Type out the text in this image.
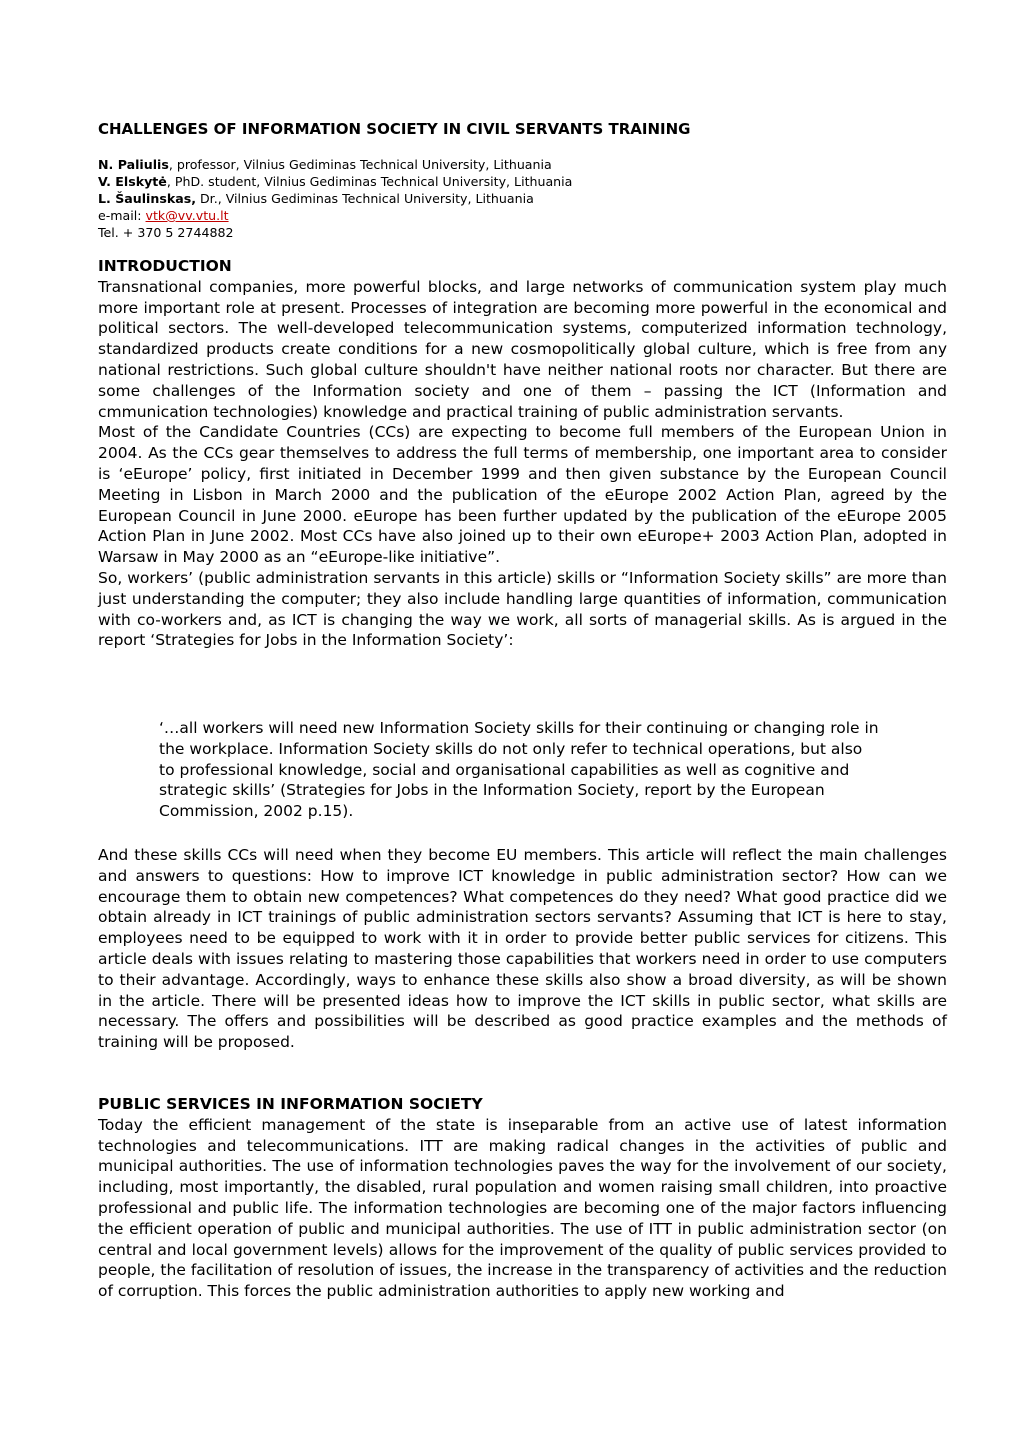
CHALLENGES OF INFORMATION SOCIETY IN CIVIL SERVANTS TRAINING
N. Paliulis, professor, Vilnius Gediminas Technical University, Lithuania
V. Elskytė, PhD. student, Vilnius Gediminas Technical University, Lithuania
L. Šaulinskas, Dr., Vilnius Gediminas Technical University, Lithuania
e-mail: vtk@vv.vtu.lt
Tel. + 370 5 2744882
INTRODUCTION

Transnational companies, more powerful blocks, and large networks of communication system play much more important role at present. Processes of integration are becoming more powerful in the economical and political sectors. The well-developed telecommunication systems, computerized information technology, standardized products create conditions for a new cosmopolitically global culture, which is free from any national restrictions. Such global culture shouldn't have neither national roots nor character. But there are some challenges of the Information society and one of them – passing the ICT (Information and cmmunication technologies) knowledge and practical training of public administration servants.

Most of the Candidate Countries (CCs) are expecting to become full members of the European Union in 2004. As the CCs gear themselves to address the full terms of membership, one important area to consider is ‘eEurope’ policy, first initiated in December 1999 and then given substance by the European Council Meeting in Lisbon in March 2000 and the publication of the eEurope 2002 Action Plan, agreed by the European Council in June 2000. eEurope has been further updated by the publication of the eEurope 2005 Action Plan in June 2002. Most CCs have also joined up to their own eEurope+ 2003 Action Plan, adopted in Warsaw in May 2000 as an “eEurope-like initiative”.

So, workers’ (public administration servants in this article) skills or “Information Society skills” are more than just understanding the computer; they also include handling large quantities of information, communication with co-workers and, as ICT is changing the way we work, all sorts of managerial skills. As is argued in the report ‘Strategies for Jobs in the Information Society’:

‘…all workers will need new Information Society skills for their continuing or changing role in the workplace. Information Society skills do not only refer to technical operations, but also to professional knowledge, social and organisational capabilities as well as cognitive and strategic skills’ (Strategies for Jobs in the Information Society, report by the European Commission, 2002 p.15).

And these skills CCs will need when they become EU members. This article will reflect the main challenges and answers to questions: How to improve ICT knowledge in public administration sector? How can we encourage them to obtain new competences? What competences do they need? What good practice did we obtain already in ICT trainings of public administration sectors servants? Assuming that ICT is here to stay, employees need to be equipped to work with it in order to provide better public services for citizens. This article deals with issues relating to mastering those capabilities that workers need in order to use computers to their advantage. Accordingly, ways to enhance these skills also show a broad diversity, as will be shown in the article. There will be presented ideas how to improve the ICT skills in public sector, what skills are necessary. The offers and possibilities will be described as good practice examples and the methods of training will be proposed.

PUBLIC SERVICES IN INFORMATION SOCIETY

Today the efficient management of the state is inseparable from an active use of latest information technologies and telecommunications. ITT are making radical changes in the activities of public and municipal authorities. The use of information technologies paves the way for the involvement of our society, including, most importantly, the disabled, rural population and women raising small children, into proactive professional and public life. The information technologies are becoming one of the major factors influencing the efficient operation of public and municipal authorities. The use of ITT in public administration sector (on central and local government levels) allows for the improvement of the quality of public services provided to people, the facilitation of resolution of issues, the increase in the transparency of activities and the reduction of corruption. This forces the public administration authorities to apply new working and
